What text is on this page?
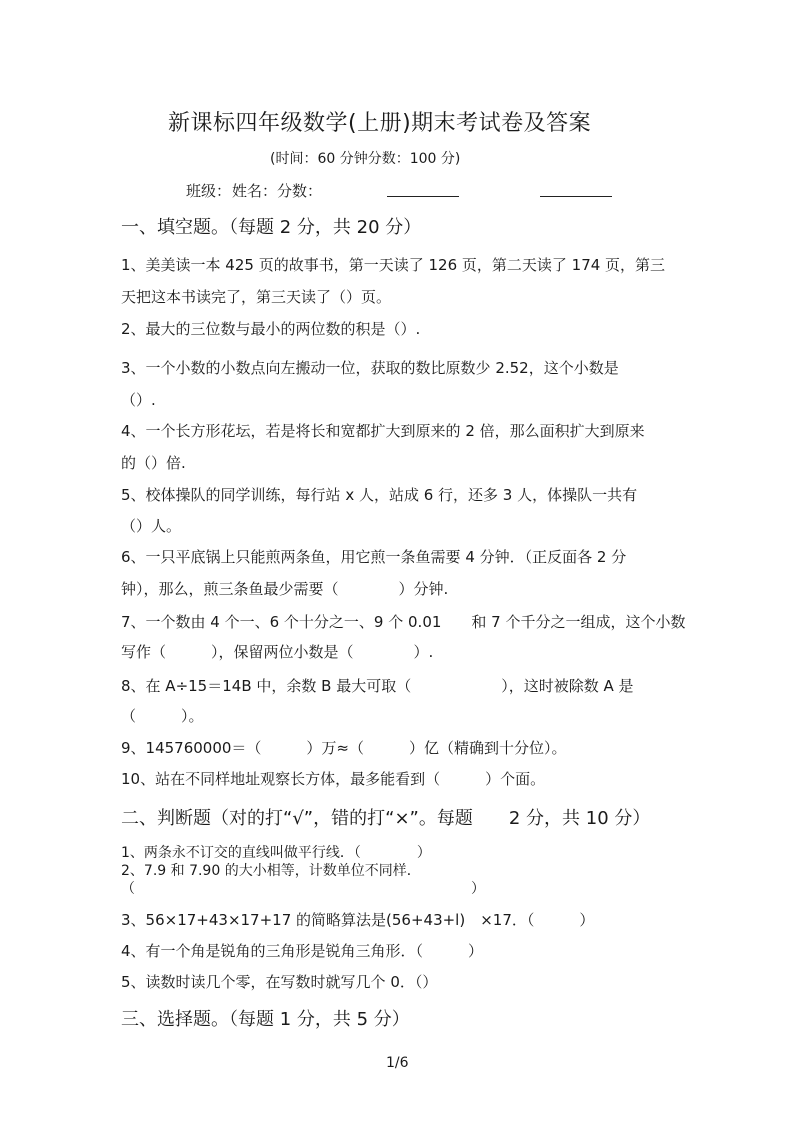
新课标四年级数学(上册)期末考试卷及答案
(时间：60 分钟分数：100 分)
班级： 姓名：分数：
一、填空题。（每题 2 分，共 20 分）
1、美美读一本 425 页的故事书，第一天读了 126 页，第二天读了 174 页，第三
天把这本书读完了，第三天读了（）页。
2、最大的三位数与最小的两位数的积是（）.
3、一个小数的小数点向左搬动一位，获取的数比原数少 2.52，这个小数是
（）.
4、一个长方形花坛，若是将长和宽都扩大到原来的 2 倍，那么面积扩大到原来
的（）倍.
5、校体操队的同学训练，每行站 x 人，站成 6 行，还多 3 人，体操队一共有
（）人。
6、一只平底锅上只能煎两条鱼，用它煎一条鱼需要 4 分钟．（正反面各 2 分
钟），那么，煎三条鱼最少需要（　　　　）分钟.
7、一个数由 4 个一、6 个十分之一、9 个 0.01　　和 7 个千分之一组成，这个小数
写作（　　　），保留两位小数是（　　　　）.
8、在 A÷15＝14B 中，余数 B 最大可取（　　　　　　），这时被除数 A 是
（　　　）。
9、145760000＝（　　　）万≈（　　　）亿（精确到十分位）。
10、站在不同样地址观察长方体，最多能看到（　　　）个面。
二、判断题（对的打“√”，错的打“×”。每题　　2 分，共 10 分）
1、两条永不订交的直线叫做平行线．（　　　　）
2、7.9 和 7.90 的大小相等，计数单位不同样．
（　　　　　　　　　　　　　　　　　　　　　　　　）
3、56×17+43×17+17 的简略算法是(56+43+l)　×17．（　　　）
4、有一个角是锐角的三角形是锐角三角形．（　　　）
5、读数时读几个零，在写数时就写几个 0．（）
三、选择题。（每题 1 分，共 5 分）
1/6
